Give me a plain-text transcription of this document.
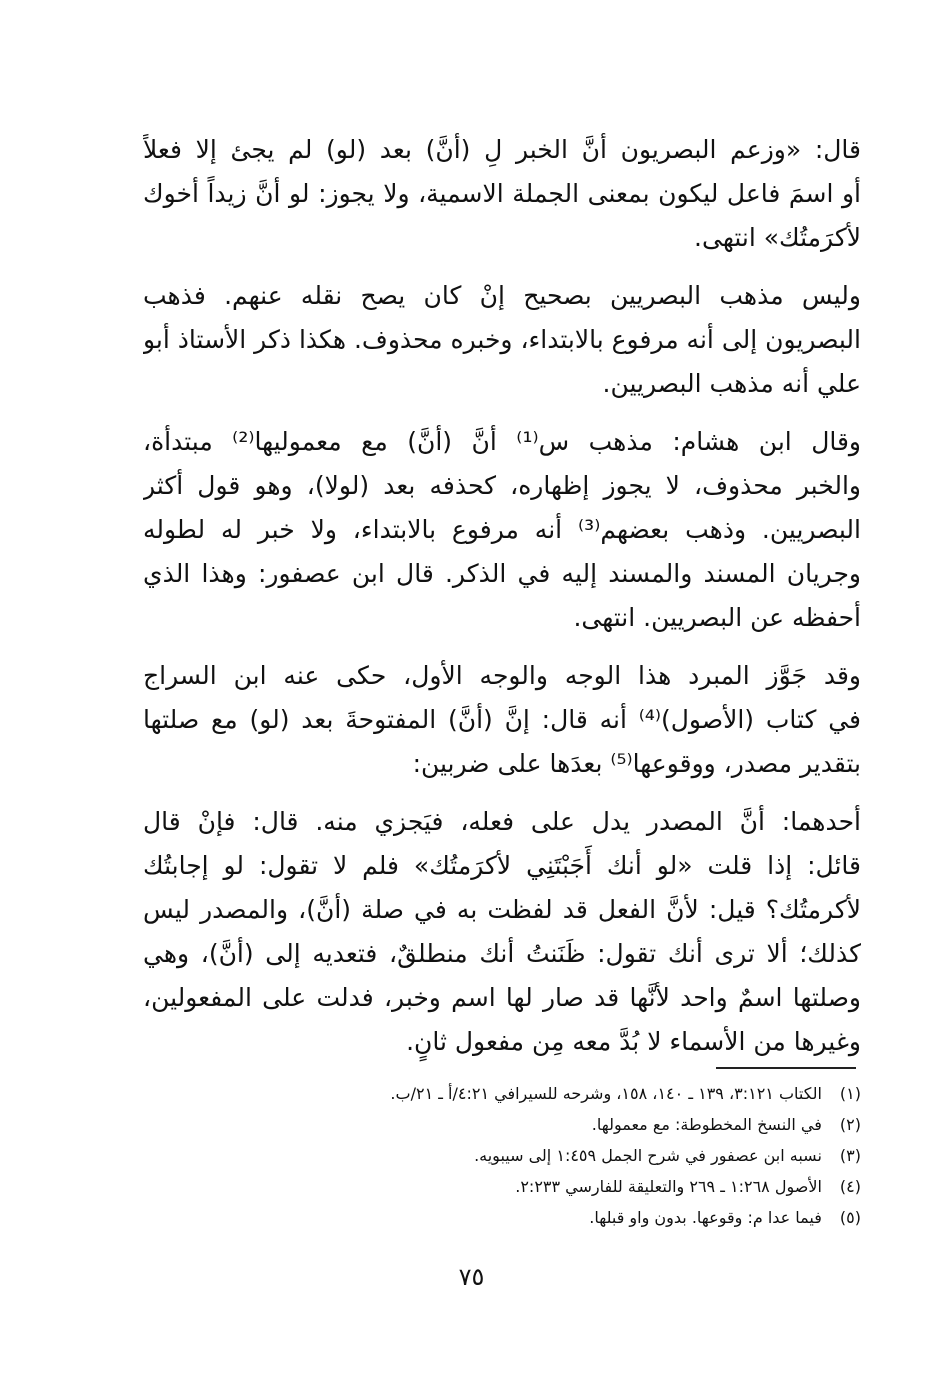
قال: «وزعم البصريون أنَّ الخبر لِ (أنَّ) بعد (لو) لم يجئ إلا فعلاً
أو اسمَ فاعل ليكون بمعنى الجملة الاسمية، ولا يجوز: لو أنَّ زيداً أخوك
لأكرَمتُك» انتهى.
وليس مذهب البصريين بصحيح إنْ كان يصح نقله عنهم. فذهب
البصريون إلى أنه مرفوع بالابتداء، وخبره محذوف. هكذا ذكر الأستاذ أبو
علي أنه مذهب البصريين.
وقال ابن هشام: مذهب س⁽¹⁾ أنَّ (أنَّ) مع معموليها⁽²⁾ مبتدأة،
والخبر محذوف، لا يجوز إظهاره، كحذفه بعد (لولا)، وهو قول أكثر
البصريين. وذهب بعضهم⁽³⁾ أنه مرفوع بالابتداء، ولا خبر له لطوله
وجريان المسند والمسند إليه في الذكر. قال ابن عصفور: وهذا الذي
أحفظه عن البصريين. انتهى.
وقد جَوَّز المبرد هذا الوجه والوجه الأول، حكى عنه ابن السراج
في كتاب (الأصول)⁽⁴⁾ أنه قال: إنَّ (أنَّ) المفتوحةَ بعد (لو) مع صلتها
بتقدير مصدر، ووقوعها⁽⁵⁾ بعدَها على ضربين:
أحدهما: أنَّ المصدر يدل على فعله، فيَجزي منه. قال: فإنْ قال
قائل: إذا قلت «لو أنك أَجَبْتَنِي لأكرَمتُك» فلم لا تقول: لو إجابتُك
لأكرمتُك؟ قيل: لأنَّ الفعل قد لفظت به في صلة (أنَّ)، والمصدر ليس
كذلك؛ ألا ترى أنك تقول: ظَنَنتُ أنك منطلقٌ، فتعديه إلى (أنَّ)، وهي
وصلتها اسمٌ واحد لأنَّها قد صار لها اسم وخبر، فدلت على المفعولين،
وغيرها من الأسماء لا بُدَّ معه مِن مفعول ثانٍ.
(١) الكتاب ٣:١٢١، ١٣٩ ـ ١٤٠، ١٥٨، وشرحه للسيرافي ٤:٢١/أ ـ ٢١/ب.
(٢) في النسخ المخطوطة: مع معمولها.
(٣) نسبه ابن عصفور في شرح الجمل ١:٤٥٩ إلى سيبويه.
(٤) الأصول ١:٢٦٨ ـ ٢٦٩ والتعليقة للفارسي ٢:٢٣٣.
(٥) فيما عدا م: وقوعها. بدون واو قبلها.
٧٥
